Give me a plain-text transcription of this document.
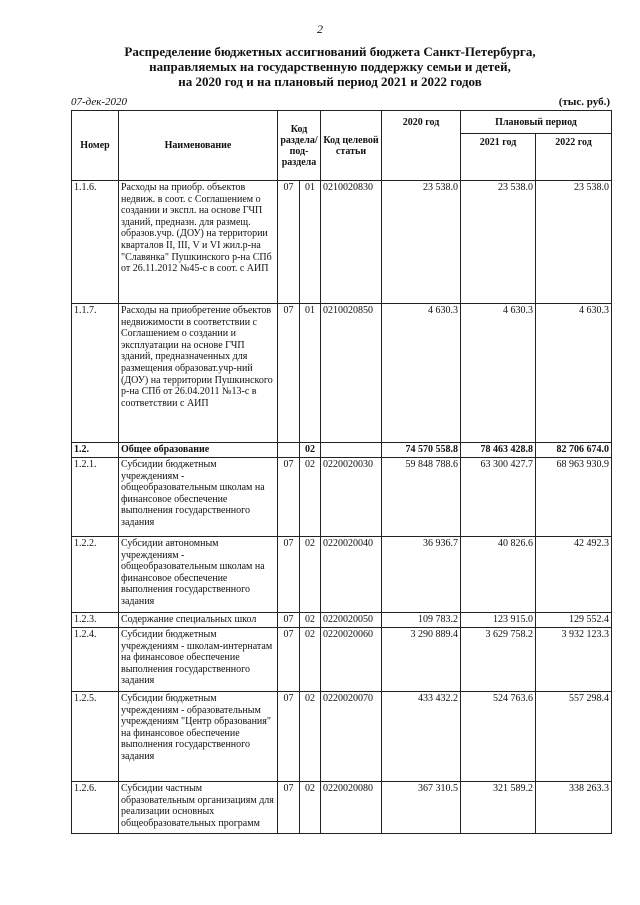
2
Распределение бюджетных ассигнований бюджета Санкт-Петербурга,
направляемых на государственную поддержку семьи и детей,
на 2020 год и на плановый период 2021 и 2022 годов
07-дек-2020	(тыс. руб.)
Номер	Наименование	Код раздела/ под- раздела		Код целевой статьи	2020 год	Плановый период	
						2021 год	2022 год
1.1.6.	Расходы на приобр. объектов недвиж. в соот. с Соглашением о создании и экспл. на основе ГЧП зданий, предназн. для размещ. образов.учр. (ДОУ) на территории кварталов II, III, V и VI жил.р-на "Славянка" Пушкинского р-на СПб от 26.11.2012 №45-с в соот. с АИП	07	01	0210020830	23 538.0	23 538.0	23 538.0
1.1.7.	Расходы на приобретение объектов недвижимости в соответствии с Соглашением о создании и эксплуатации на основе ГЧП зданий, предназначенных для размещения образоват.учр-ний (ДОУ) на территории Пушкинского р-на СПб от 26.04.2011 №13-с в соответствии с АИП	07	01	0210020850	4 630.3	4 630.3	4 630.3
1.2.	Общее образование		02		74 570 558.8	78 463 428.8	82 706 674.0
1.2.1.	Субсидии бюджетным учреждениям - общеобразовательным школам на финансовое обеспечение выполнения государственного задания	07	02	0220020030	59 848 788.6	63 300 427.7	68 963 930.9
1.2.2.	Субсидии автономным учреждениям - общеобразовательным школам на финансовое обеспечение выполнения государственного задания	07	02	0220020040	36 936.7	40 826.6	42 492.3
1.2.3.	Содержание специальных школ	07	02	0220020050	109 783.2	123 915.0	129 552.4
1.2.4.	Субсидии бюджетным учреждениям - школам-интернатам на финансовое обеспечение выполнения государственного задания	07	02	0220020060	3 290 889.4	3 629 758.2	3 932 123.3
1.2.5.	Субсидии бюджетным учреждениям - образовательным учреждениям "Центр образования" на финансовое обеспечение выполнения государственного задания	07	02	0220020070	433 432.2	524 763.6	557 298.4
1.2.6.	Субсидии частным образовательным организациям для реализации основных общеобразовательных программ	07	02	0220020080	367 310.5	321 589.2	338 263.3
